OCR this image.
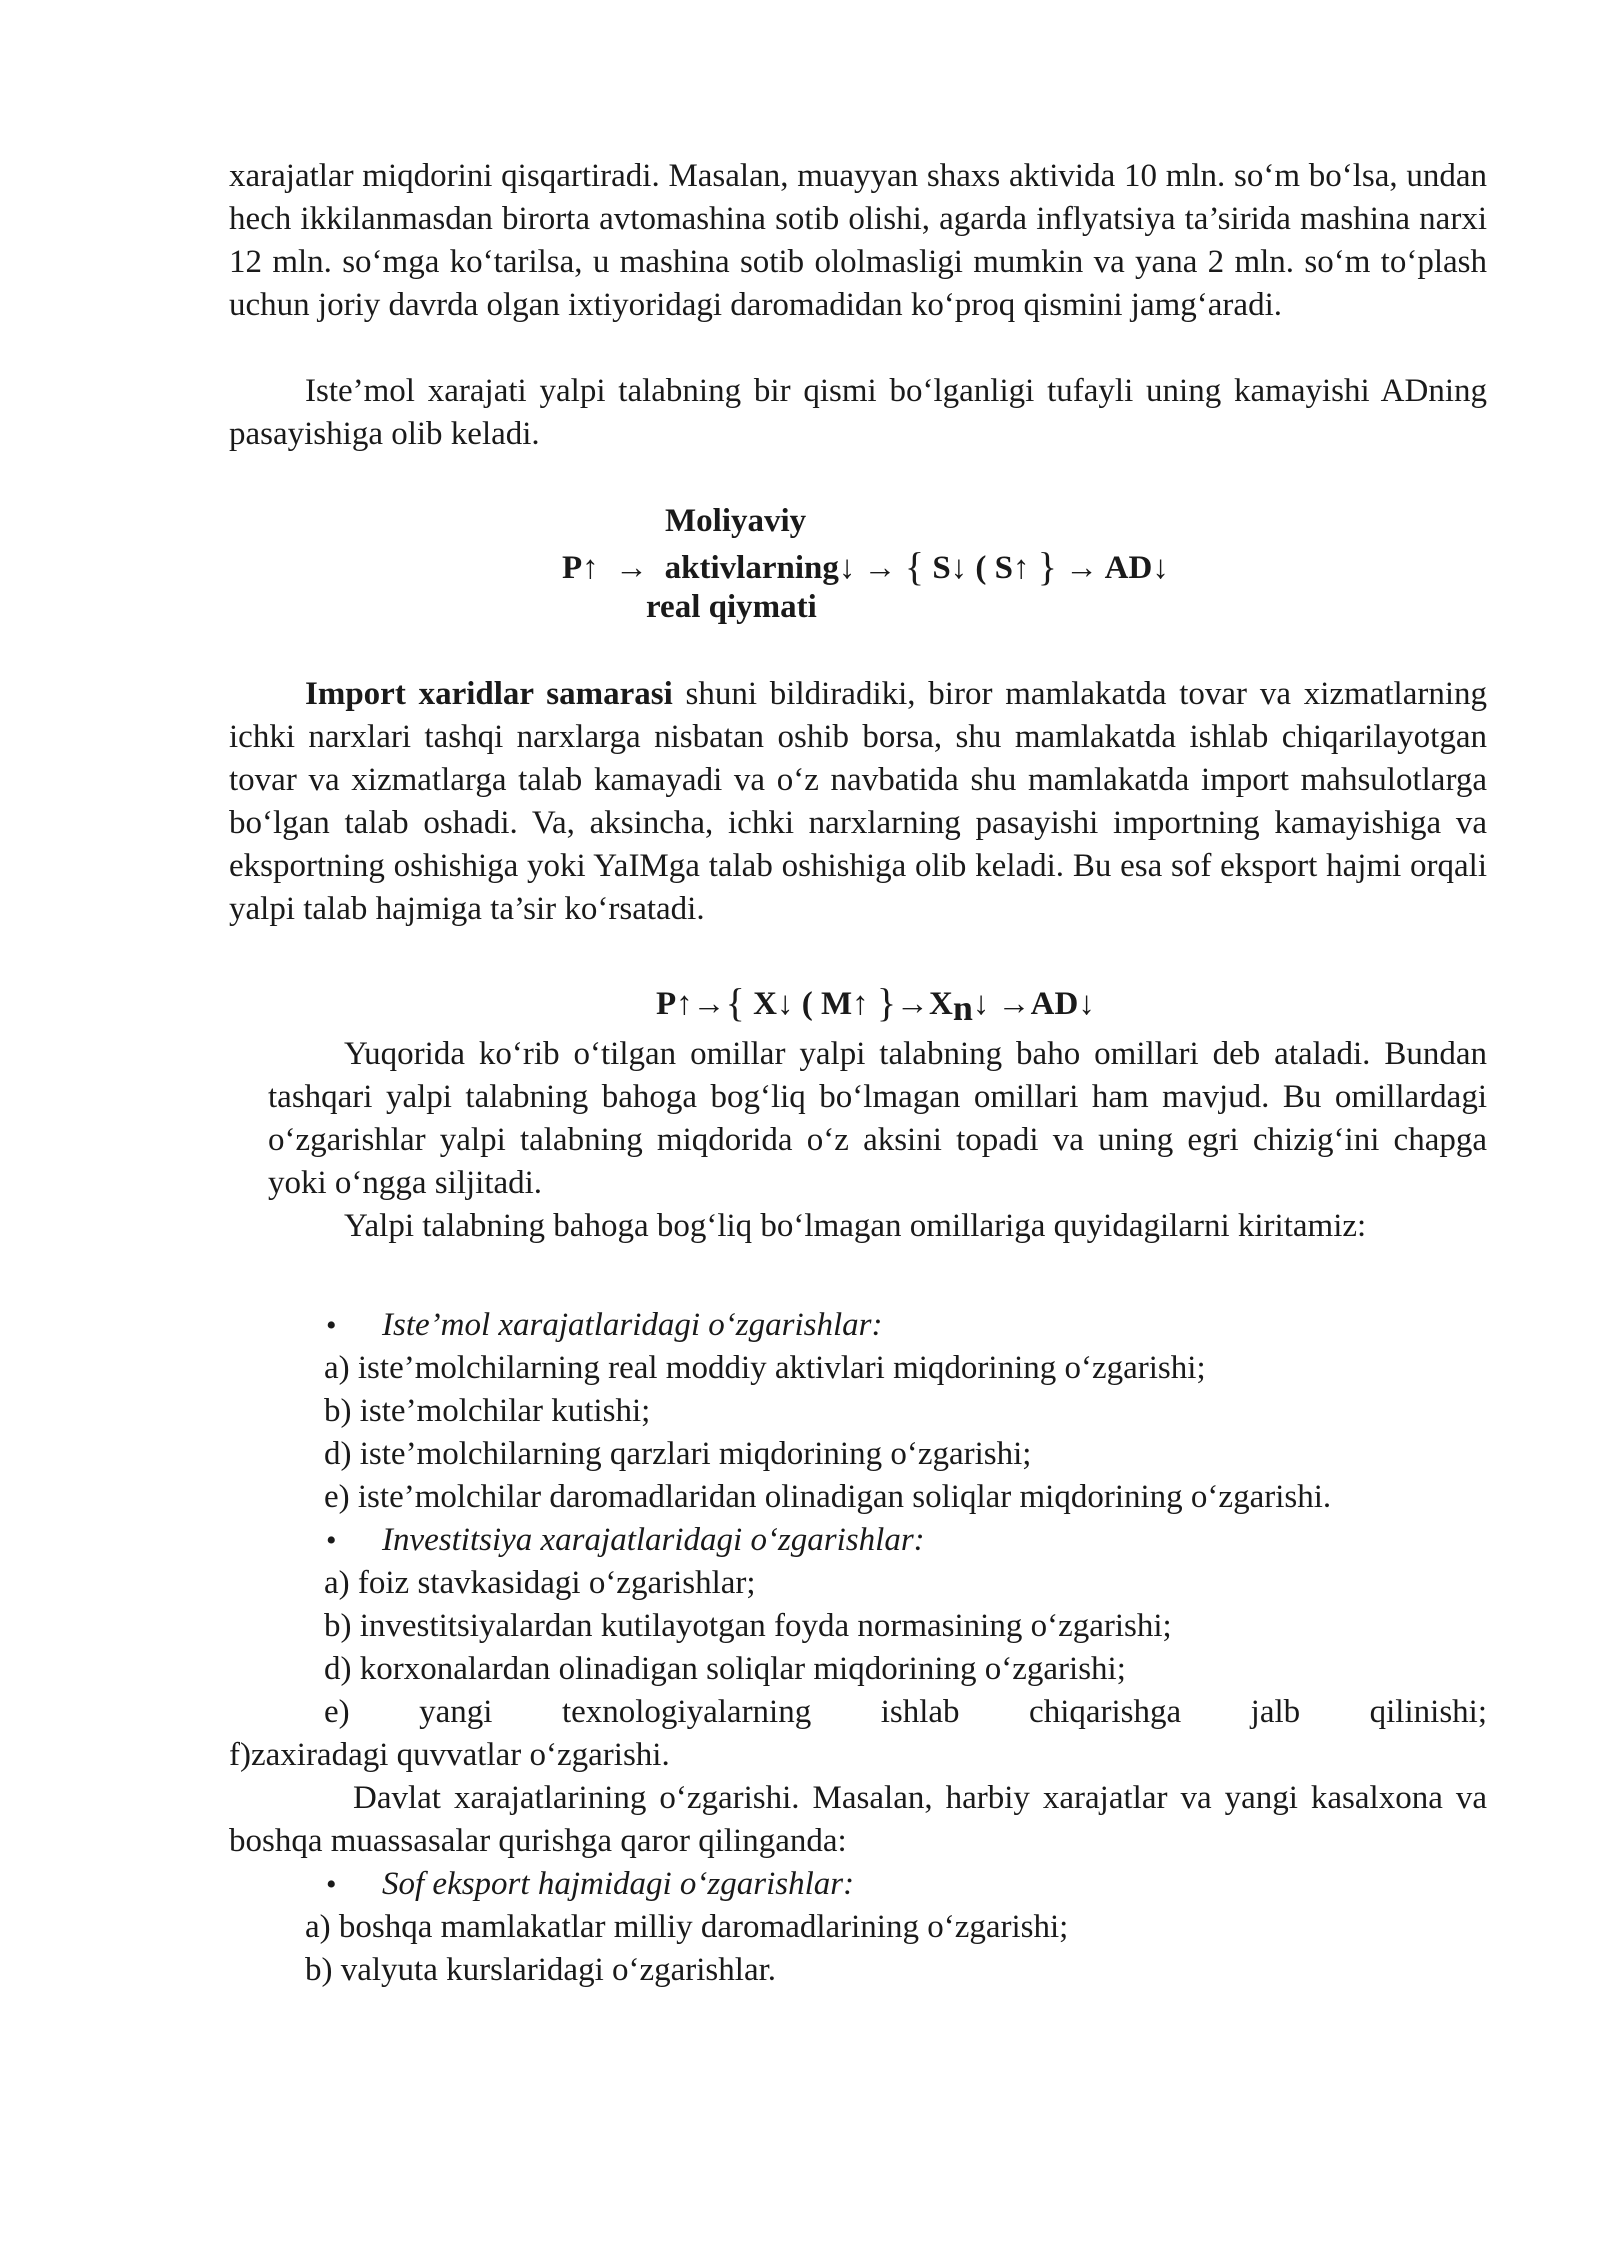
xarajatlar miqdorini qisqartiradi. Masalan, muayyan shaxs aktivida 10 mln. so‘m bo‘lsa, undan hech ikkilanmasdan birorta avtomashina sotib olishi, agarda inflyatsiya ta’sirida mashina narxi 12 mln. so‘mga ko‘tarilsa, u mashina sotib ololmasligi mumkin va yana 2 mln. so‘m to‘plash uchun joriy davrda olgan ixtiyoridagi daromadidan ko‘proq qismini jamg‘aradi.
Iste’mol xarajati yalpi talabning bir qismi bo‘lganligi tufayli uning kamayishi ADning pasayishiga olib keladi.
Moliyaviy
P↑ → aktivlarning↓ → { S↓ ( S↑ } → AD↓
real qiymati
Import xaridlar samarasi shuni bildiradiki, biror mamlakatda tovar va xizmatlarning ichki narxlari tashqi narxlarga nisbatan oshib borsa, shu mamlakatda ishlab chiqarilayotgan tovar va xizmatlarga talab kamayadi va o‘z navbatida shu mamlakatda import mahsulotlarga bo‘lgan talab oshadi. Va, aksincha, ichki narxlarning pasayishi importning kamayishiga va eksportning oshishiga yoki YaIMga talab oshishiga olib keladi. Bu esa sof eksport hajmi orqali yalpi talab hajmiga ta’sir ko‘rsatadi.
P↑→{ X↓ ( M↑ }→Xn↓ →AD↓
Yuqorida ko‘rib o‘tilgan omillar yalpi talabning baho omillari deb ataladi. Bundan tashqari yalpi talabning bahoga bog‘liq bo‘lmagan omillari ham mavjud. Bu omillardagi o‘zgarishlar yalpi talabning miqdorida o‘z aksini topadi va uning egri chizig‘ini chapga yoki o‘ngga siljitadi.
Yalpi talabning bahoga bog‘liq bo‘lmagan omillariga quyidagilarni kiritamiz:
• Iste’mol xarajatlaridagi o‘zgarishlar:
a) iste’molchilarning real moddiy aktivlari miqdorining o‘zgarishi;
b) iste’molchilar kutishi;
d) iste’molchilarning qarzlari miqdorining o‘zgarishi;
e) iste’molchilar daromadlaridan olinadigan soliqlar miqdorining o‘zgarishi.
• Investitsiya xarajatlaridagi o‘zgarishlar:
a) foiz stavkasidagi o‘zgarishlar;
b) investitsiyalardan kutilayotgan foyda normasining o‘zgarishi;
d) korxonalardan olinadigan soliqlar miqdorining o‘zgarishi;
e) yangi texnologiyalarning ishlab chiqarishga jalb qilinishi;
f)zaxiradagi quvvatlar o‘zgarishi.
Davlat xarajatlarining o‘zgarishi. Masalan, harbiy xarajatlar va yangi kasalxona va boshqa muassasalar qurishga qaror qilinganda:
• Sof eksport hajmidagi o‘zgarishlar:
a) boshqa mamlakatlar milliy daromadlarining o‘zgarishi;
b) valyuta kurslaridagi o‘zgarishlar.
